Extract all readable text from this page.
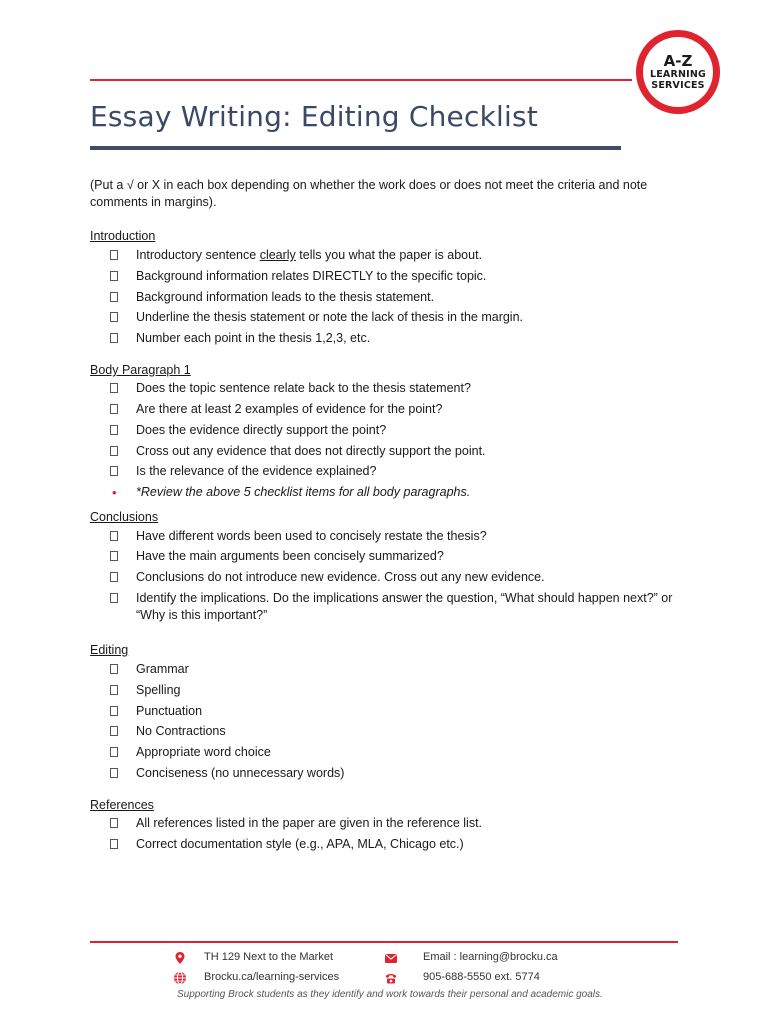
A-Z
LEARNING
SERVICES
Essay Writing: Editing Checklist
(Put a √ or X in each box depending on whether the work does or does not meet the criteria and note comments in margins).
Introduction
Introductory sentence clearly tells you what the paper is about.
Background information relates DIRECTLY to the specific topic.
Background information leads to the thesis statement.
Underline the thesis statement or note the lack of thesis in the margin.
Number each point in the thesis 1,2,3, etc.
Body Paragraph 1
Does the topic sentence relate back to the thesis statement?
Are there at least 2 examples of evidence for the point?
Does the evidence directly support the point?
Cross out any evidence that does not directly support the point.
Is the relevance of the evidence explained?
• *Review the above 5 checklist items for all body paragraphs.
Conclusions
Have different words been used to concisely restate the thesis?
Have the main arguments been concisely summarized?
Conclusions do not introduce new evidence. Cross out any new evidence.
Identify the implications. Do the implications answer the question, “What should happen next?” or “Why is this important?”
Editing
Grammar
Spelling
Punctuation
No Contractions
Appropriate word choice
Conciseness (no unnecessary words)
References
All references listed in the paper are given in the reference list.
Correct documentation style (e.g., APA, MLA, Chicago etc.)
TH 129 Next to the Market
Brocku.ca/learning-services
Email : learning@brocku.ca
905-688-5550 ext. 5774
Supporting Brock students as they identify and work towards their personal and academic goals.
